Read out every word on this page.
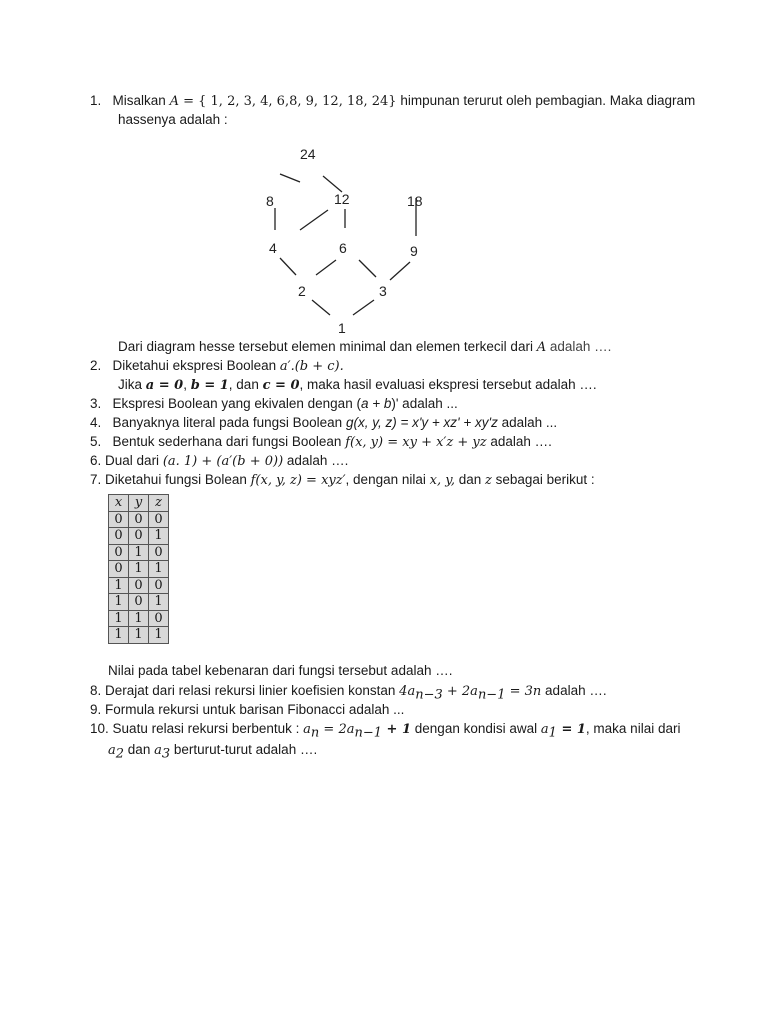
1. Misalkan A = { 1, 2, 3, 4, 6,8, 9, 12, 18, 24} himpunan terurut oleh pembagian. Maka diagram
hassenya adalah :
24
8	12	18
4	6	9
2	3
1
Dari diagram hesse tersebut elemen minimal dan elemen terkecil dari A adalah ….
2. Diketahui ekspresi Boolean a′.(b + c).
Jika a = 0, b = 1, dan c = 0, maka hasil evaluasi ekspresi tersebut adalah ….
3. Ekspresi Boolean yang ekivalen dengan (a + b)' adalah ...
4. Banyaknya literal pada fungsi Boolean g(x, y, z) = x'y + xz' + xy'z adalah ...
5. Bentuk sederhana dari fungsi Boolean f(x, y) = xy + x′z + yz adalah ….
6. Dual dari (a. 1) + (a′(b + 0)) adalah ….
7. Diketahui fungsi Bolean f(x, y, z) = xyz′, dengan nilai x, y, dan z sebagai berikut :
x	y	z
0	0	0
0	0	1
0	1	0
0	1	1
1	0	0
1	0	1
1	1	0
1	1	1
Nilai pada tabel kebenaran dari fungsi tersebut adalah ….
8. Derajat dari relasi rekursi linier koefisien konstan $4a_{n-3} + 2a_{n-1} = 3n$ adalah ….
9. Formula rekursi untuk barisan Fibonacci adalah ...
10. Suatu relasi rekursi berbentuk : $a_n = 2a_{n-1} + 1$ dengan kondisi awal $a_1 = 1$, maka nilai dari
$a_2$ dan $a_3$ berturut-turut adalah ….
